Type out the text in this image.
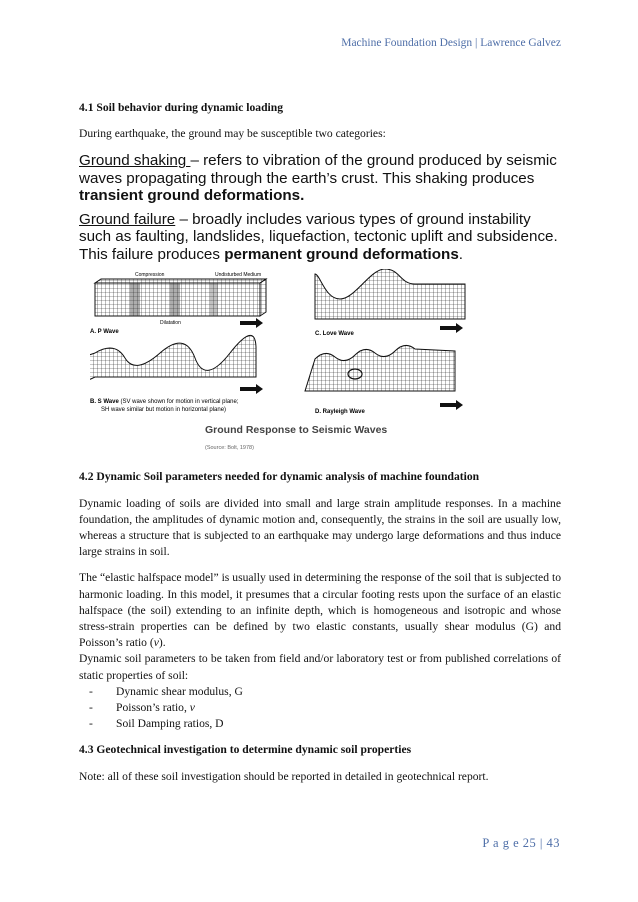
Machine Foundation Design | Lawrence Galvez
4.1 Soil behavior during dynamic loading
During earthquake, the ground may be susceptible two categories:
Ground shaking – refers to vibration of the ground produced by seismic waves propagating through the earth’s crust. This shaking produces transient ground deformations.
Ground failure – broadly includes various types of ground instability such as faulting, landslides, liquefaction, tectonic uplift and subsidence. This failure produces permanent ground deformations.
Compression	Undisturbed Medium
Dilatation
A. P Wave	C. Love Wave
B. S Wave (SV wave shown for motion in vertical plane;
SH wave similar but motion in horizontal plane)	D. Rayleigh Wave
Ground Response to Seismic Waves
(Source: Bolt, 1978)
4.2 Dynamic Soil parameters needed for dynamic analysis of machine foundation
Dynamic loading of soils are divided into small and large strain amplitude responses. In a machine foundation, the amplitudes of dynamic motion and, consequently, the strains in the soil are usually low, whereas a structure that is subjected to an earthquake may undergo large deformations and thus induce large strains in soil.
The “elastic halfspace model” is usually used in determining the response of the soil that is subjected to harmonic loading. In this model, it presumes that a circular footing rests upon the surface of an elastic halfspace (the soil) extending to an infinite depth, which is homogeneous and isotropic and whose stress-strain properties can be defined by two elastic constants, usually shear modulus (G) and Poisson’s ratio (v).
Dynamic soil parameters to be taken from field and/or laboratory test or from published correlations of static properties of soil:
- Dynamic shear modulus, G
- Poisson’s ratio, v
- Soil Damping ratios, D
4.3 Geotechnical investigation to determine dynamic soil properties
Note: all of these soil investigation should be reported in detailed in geotechnical report.
P a g e 25 | 43
